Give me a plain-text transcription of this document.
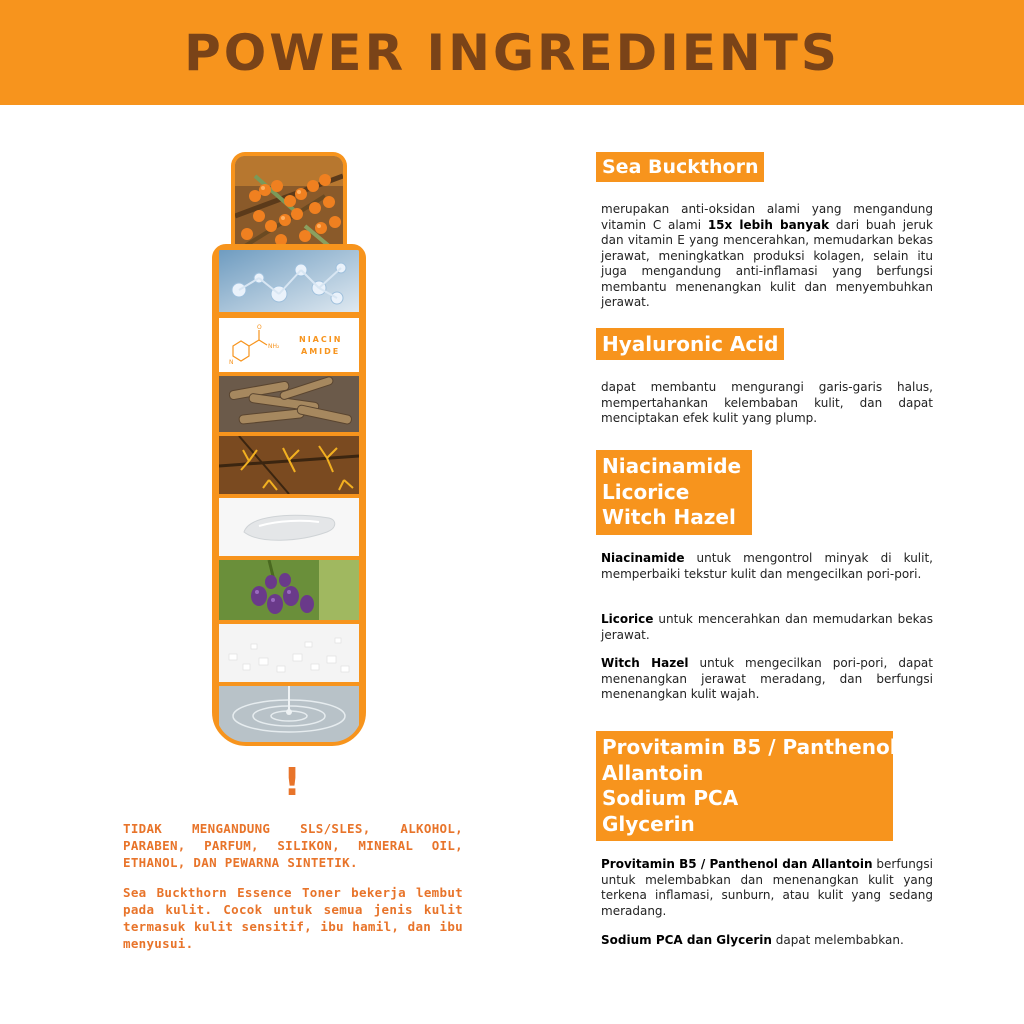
POWER INGREDIENTS
O
NH₂
N
NIACIN
AMIDE
!

TIDAK MENGANDUNG SLS/SLES, ALKOHOL, PARABEN, PARFUM, SILIKON, MINERAL OIL, ETHANOL, DAN PEWARNA SINTETIK.

Sea Buckthorn Essence Toner bekerja lembut pada kulit. Cocok untuk semua jenis kulit termasuk kulit sensitif, ibu hamil, dan ibu menyusui.

Sea Buckthorn

merupakan anti-oksidan alami yang mengandung vitamin C alami 15x lebih banyak dari buah jeruk dan vitamin E yang mencerahkan, memudarkan bekas jerawat, meningkatkan produksi kolagen, selain itu juga mengandung anti-inflamasi yang berfungsi membantu menenangkan kulit dan menyembuhkan jerawat.

Hyaluronic Acid

dapat membantu mengurangi garis-garis halus, mempertahankan kelembaban kulit, dan dapat menciptakan efek kulit yang plump.

Niacinamide
Licorice
Witch Hazel

Niacinamide untuk mengontrol minyak di kulit, memperbaiki tekstur kulit dan mengecilkan pori-pori.

Licorice untuk mencerahkan dan memudarkan bekas jerawat.

Witch Hazel untuk mengecilkan pori-pori, dapat menenangkan jerawat meradang, dan berfungsi menenangkan kulit wajah.

Provitamin B5 / Panthenol
Allantoin
Sodium PCA
Glycerin

Provitamin B5 / Panthenol dan Allantoin berfungsi untuk melembabkan dan menenangkan kulit yang terkena inflamasi, sunburn, atau kulit yang sedang meradang.

Sodium PCA dan Glycerin dapat melembabkan.
